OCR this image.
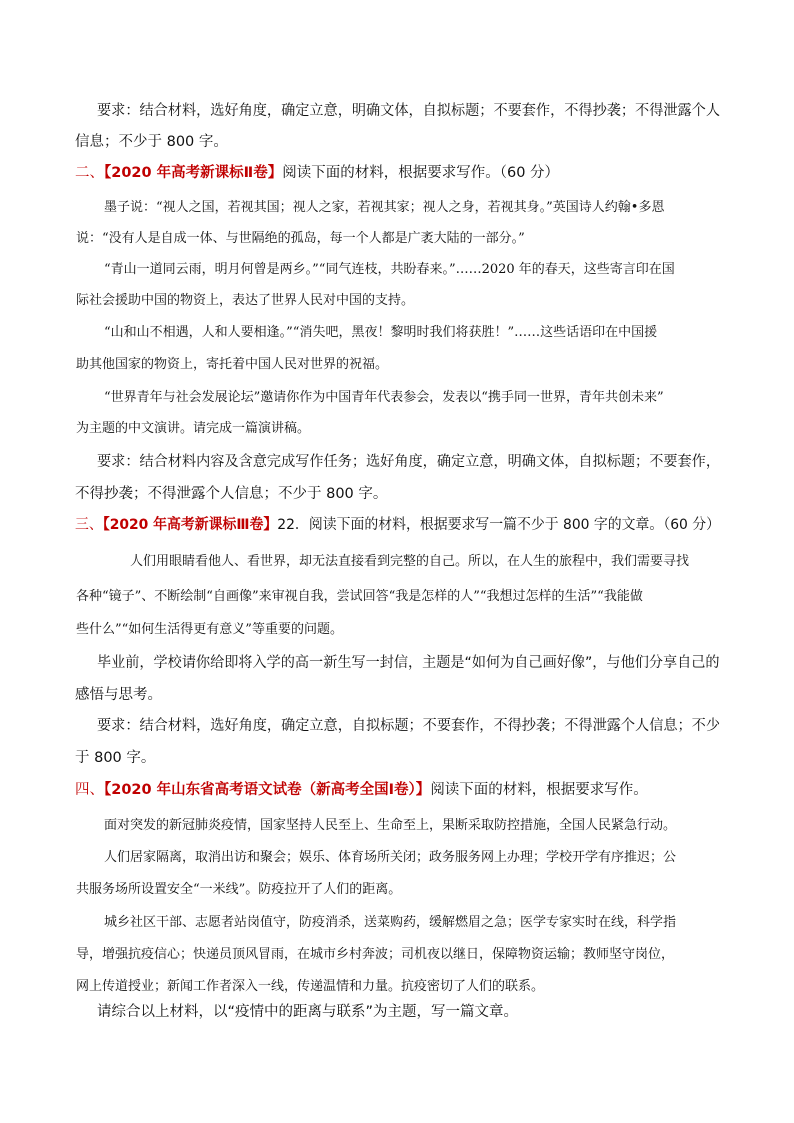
要求：结合材料，选好角度，确定立意，明确文体，自拟标题；不要套作，不得抄袭；不得泄露个人
信息；不少于 800 字。
二、【2020 年高考新课标Ⅱ卷】阅读下面的材料，根据要求写作。（60 分）
墨子说：“视人之国，若视其国；视人之家，若视其家；视人之身，若视其身。”英国诗人约翰•多恩
说：“没有人是自成一体、与世隔绝的孤岛，每一个人都是广袤大陆的一部分。”
“青山一道同云雨，明月何曾是两乡。”“同气连枝，共盼春来。”……2020 年的春天，这些寄言印在国
际社会援助中国的物资上，表达了世界人民对中国的支持。
“山和山不相遇，人和人要相逢。”“消失吧，黑夜！黎明时我们将获胜！”……这些话语印在中国援
助其他国家的物资上，寄托着中国人民对世界的祝福。
“世界青年与社会发展论坛”邀请你作为中国青年代表参会，发表以“携手同一世界，青年共创未来”
为主题的中文演讲。请完成一篇演讲稿。
要求：结合材料内容及含意完成写作任务；选好角度，确定立意，明确文体，自拟标题；不要套作，
不得抄袭；不得泄露个人信息；不少于 800 字。
三、【2020 年高考新课标Ⅲ卷】22．阅读下面的材料，根据要求写一篇不少于 800 字的文章。（60 分）
人们用眼睛看他人、看世界，却无法直接看到完整的自己。所以，在人生的旅程中，我们需要寻找
各种“镜子”、不断绘制“自画像”来审视自我，尝试回答“我是怎样的人”“我想过怎样的生活”“我能做
些什么”“如何生活得更有意义”等重要的问题。
毕业前，学校请你给即将入学的高一新生写一封信，主题是“如何为自己画好像”，与他们分享自己的
感悟与思考。
要求：结合材料，选好角度，确定立意，自拟标题；不要套作，不得抄袭；不得泄露个人信息；不少
于 800 字。
四、【2020 年山东省高考语文试卷（新高考全国Ⅰ卷）】阅读下面的材料，根据要求写作。
面对突发的新冠肺炎疫情，国家坚持人民至上、生命至上，果断采取防控措施，全国人民紧急行动。
人们居家隔离，取消出访和聚会；娱乐、体育场所关闭；政务服务网上办理；学校开学有序推迟；公
共服务场所设置安全“一米线”。防疫拉开了人们的距离。
城乡社区干部、志愿者站岗值守，防疫消杀，送菜购药，缓解燃眉之急；医学专家实时在线，科学指
导，增强抗疫信心；快递员顶风冒雨，在城市乡村奔波；司机夜以继日，保障物资运输；教师坚守岗位，
网上传道授业；新闻工作者深入一线，传递温情和力量。抗疫密切了人们的联系。
请综合以上材料，以“疫情中的距离与联系”为主题，写一篇文章。
